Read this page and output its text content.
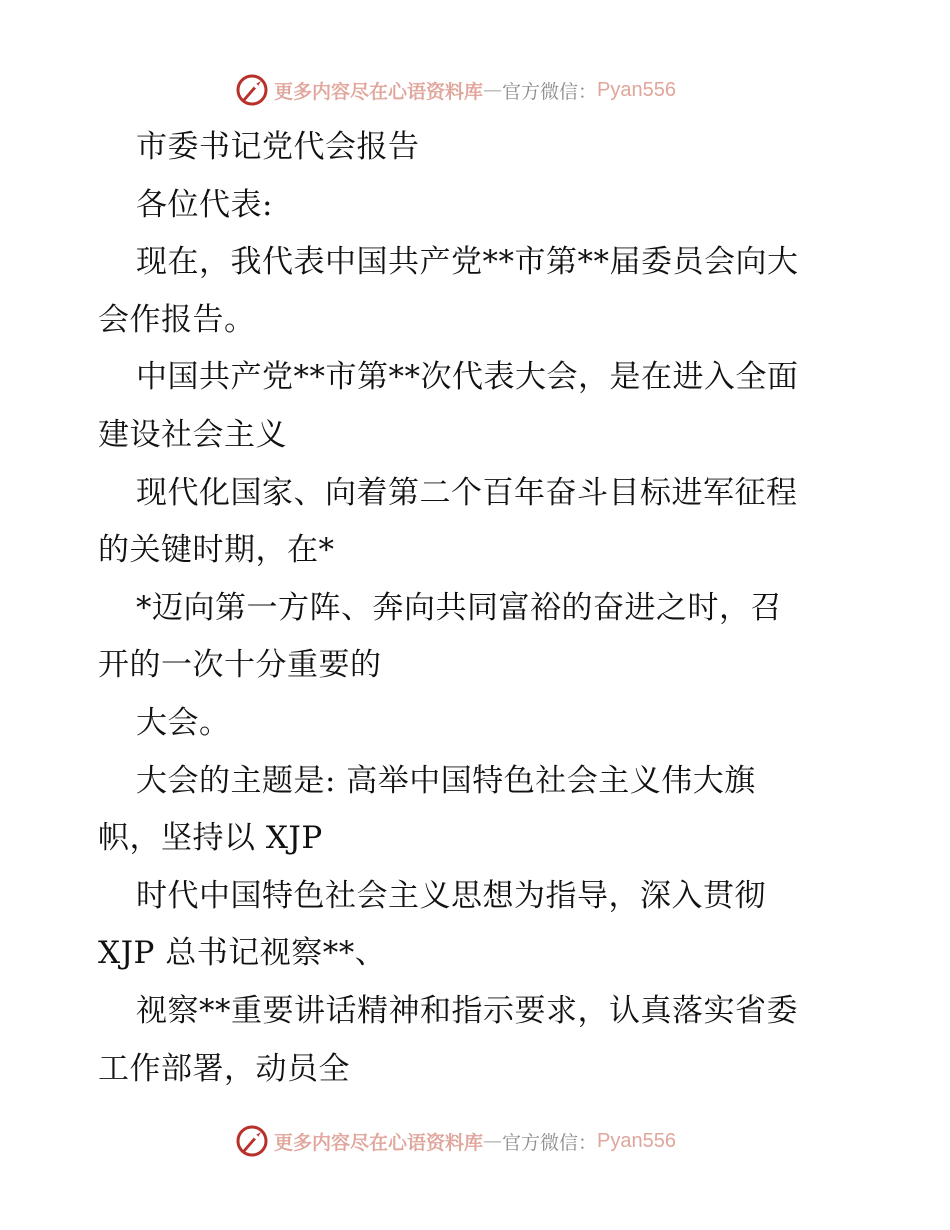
更多内容尽在心语资料库 — 官方微信： Pyan556
市委书记党代会报告
各位代表:
现在，我代表中国共产党**市第**届委员会向大
会作报告。
中国共产党**市第**次代表大会，是在进入全面
建设社会主义
现代化国家、向着第二个百年奋斗目标进军征程
的关键时期，在*
*迈向第一方阵、奔向共同富裕的奋进之时，召
开的一次十分重要的
大会。
大会的主题是: 高举中国特色社会主义伟大旗
帜，坚持以 XJP
时代中国特色社会主义思想为指导，深入贯彻
XJP 总书记视察**、
视察**重要讲话精神和指示要求，认真落实省委
工作部署，动员全
更多内容尽在心语资料库 — 官方微信： Pyan556
